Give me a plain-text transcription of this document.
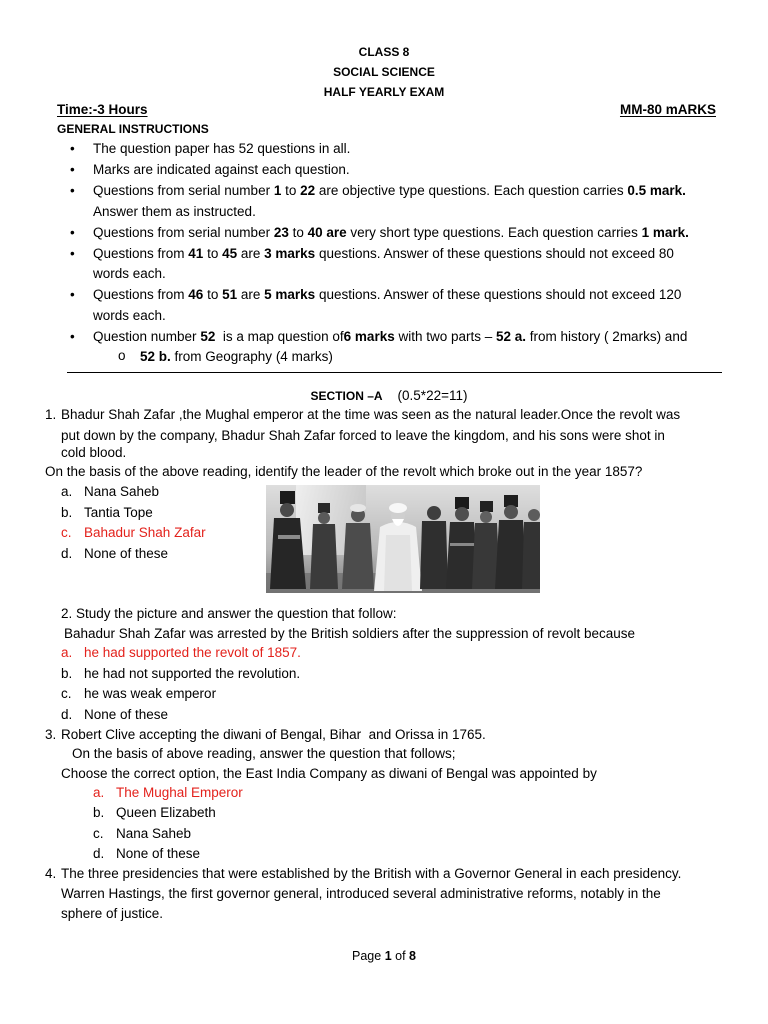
CLASS 8
SOCIAL SCIENCE
HALF YEARLY EXAM
Time:-3 Hours	MM-80 mARKS
GENERAL INSTRUCTIONS
• The question paper has 52 questions in all.
• Marks are indicated against each question.
• Questions from serial number 1 to 22 are objective type questions. Each question carries 0.5 mark.
Answer them as instructed.
• Questions from serial number 23 to 40 are very short type questions. Each question carries 1 mark.
• Questions from 41 to 45 are 3 marks questions. Answer of these questions should not exceed 80
words each.
• Questions from 46 to 51 are 5 marks questions. Answer of these questions should not exceed 120
words each.
• Question number 52  is a map question of6 marks with two parts – 52 a. from history ( 2marks) and
o 52 b. from Geography (4 marks)
SECTION –A (0.5*22=11)
1. Bhadur Shah Zafar ,the Mughal emperor at the time was seen as the natural leader.Once the revolt was
put down by the company, Bhadur Shah Zafar forced to leave the kingdom, and his sons were shot in
cold blood.
On the basis of the above reading, identify the leader of the revolt which broke out in the year 1857?
a. Nana Saheb
b. Tantia Tope
c. Bahadur Shah Zafar
d. None of these
2. Study the picture and answer the question that follow:
Bahadur Shah Zafar was arrested by the British soldiers after the suppression of revolt because
a. he had supported the revolt of 1857.
b. he had not supported the revolution.
c. he was weak emperor
d. None of these
3. Robert Clive accepting the diwani of Bengal, Bihar  and Orissa in 1765.
On the basis of above reading, answer the question that follows;
Choose the correct option, the East India Company as diwani of Bengal was appointed by
a. The Mughal Emperor
b. Queen Elizabeth
c. Nana Saheb
d. None of these
4. The three presidencies that were established by the British with a Governor General in each presidency.
Warren Hastings, the first governor general, introduced several administrative reforms, notably in the
sphere of justice.
Page 1 of 8
